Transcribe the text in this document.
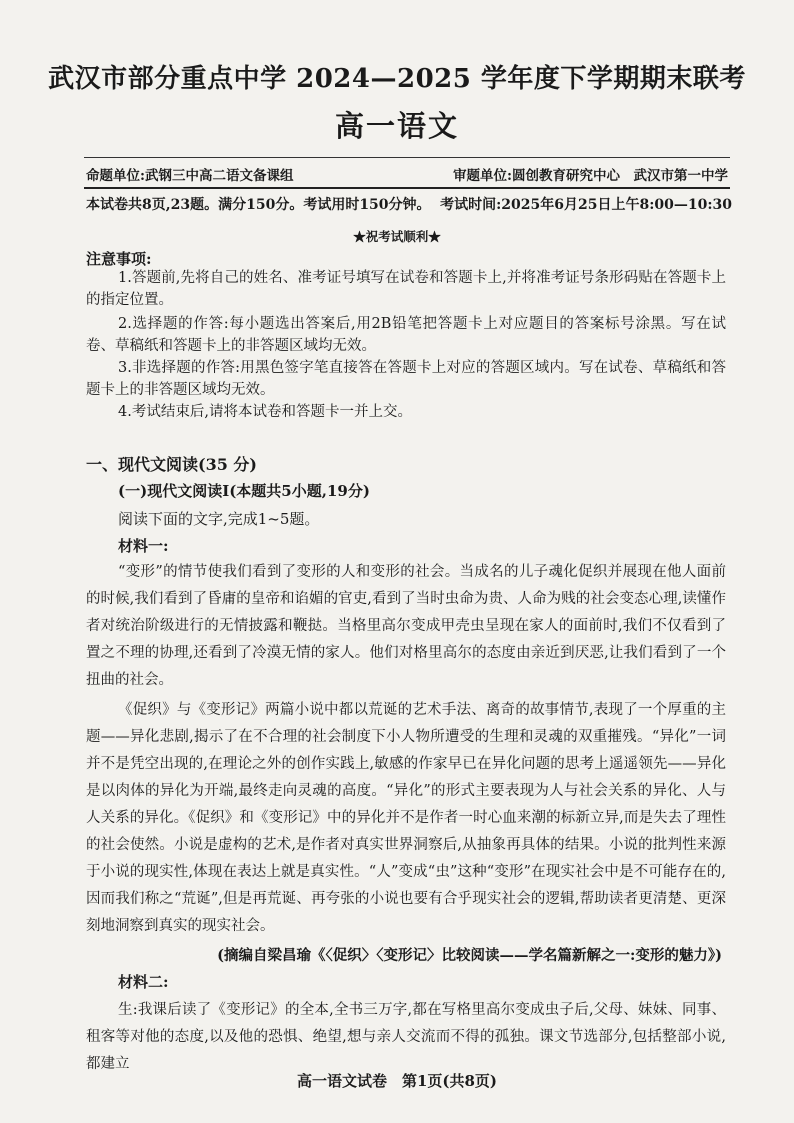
武汉市部分重点中学 2024—2025 学年度下学期期末联考
高一语文
命题单位:武钢三中高二语文备课组	审题单位:圆创教育研究中心　武汉市第一中学
本试卷共8页,23题。满分150分。考试用时150分钟。 考试时间:2025年6月25日上午8:00—10:30
★祝考试顺利★
注意事项:
1.答题前,先将自己的姓名、准考证号填写在试卷和答题卡上,并将准考证号条形码贴在答题卡上的指定位置。
2.选择题的作答:每小题选出答案后,用2B铅笔把答题卡上对应题目的答案标号涂黑。写在试卷、草稿纸和答题卡上的非答题区域均无效。
3.非选择题的作答:用黑色签字笔直接答在答题卡上对应的答题区域内。写在试卷、草稿纸和答题卡上的非答题区域均无效。
4.考试结束后,请将本试卷和答题卡一并上交。
一、现代文阅读(35 分)
(一)现代文阅读Ⅰ(本题共5小题,19分)
阅读下面的文字,完成1~5题。
材料一:
“变形”的情节使我们看到了变形的人和变形的社会。当成名的儿子魂化促织并展现在他人面前的时候,我们看到了昏庸的皇帝和谄媚的官吏,看到了当时虫命为贵、人命为贱的社会变态心理,读懂作者对统治阶级进行的无情披露和鞭挞。当格里高尔变成甲壳虫呈现在家人的面前时,我们不仅看到了置之不理的协理,还看到了冷漠无情的家人。他们对格里高尔的态度由亲近到厌恶,让我们看到了一个扭曲的社会。
《促织》与《变形记》两篇小说中都以荒诞的艺术手法、离奇的故事情节,表现了一个厚重的主题——异化悲剧,揭示了在不合理的社会制度下小人物所遭受的生理和灵魂的双重摧残。“异化”一词并不是凭空出现的,在理论之外的创作实践上,敏感的作家早已在异化问题的思考上遥遥领先——异化是以肉体的异化为开端,最终走向灵魂的高度。“异化”的形式主要表现为人与社会关系的异化、人与人关系的异化。《促织》和《变形记》中的异化并不是作者一时心血来潮的标新立异,而是失去了理性的社会使然。小说是虚构的艺术,是作者对真实世界洞察后,从抽象再具体的结果。小说的批判性来源于小说的现实性,体现在表达上就是真实性。“人”变成“虫”这种“变形”在现实社会中是不可能存在的,因而我们称之“荒诞”,但是再荒诞、再夸张的小说也要有合乎现实社会的逻辑,帮助读者更清楚、更深刻地洞察到真实的现实社会。
(摘编自梁昌瑜《〈促织〉〈变形记〉比较阅读——学名篇新解之一:变形的魅力》)
材料二:
生:我课后读了《变形记》的全本,全书三万字,都在写格里高尔变成虫子后,父母、妹妹、同事、租客等对他的态度,以及他的恐惧、绝望,想与亲人交流而不得的孤独。课文节选部分,包括整部小说,都建立
高一语文试卷　第1页(共8页)
